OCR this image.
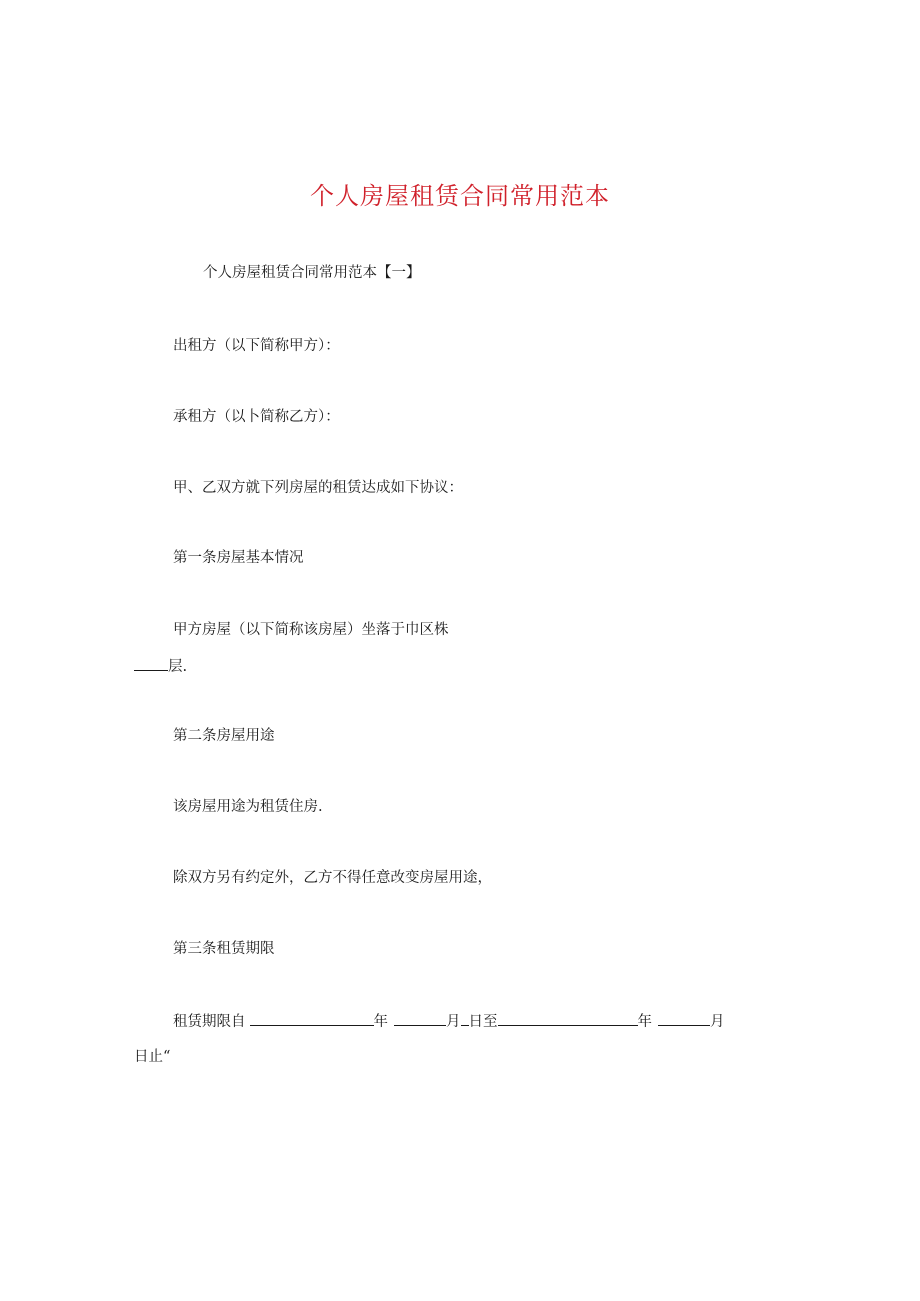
个人房屋租赁合同常用范本

个人房屋租赁合同常用范本【一】

出租方（以下简称甲方）：

承租方（以卜简称乙方）：

甲、乙双方就下列房屋的租赁达成如下协议：

第一条房屋基本情况

甲方房屋（以下简称该房屋）坐落于巾区株

层.

第二条房屋用途

该房屋用途为租赁住房.

除双方另有约定外，乙方不得任意改变房屋用途，

第三条租赁期限

租赁期限自	年	月 日至	年	月

日止“
